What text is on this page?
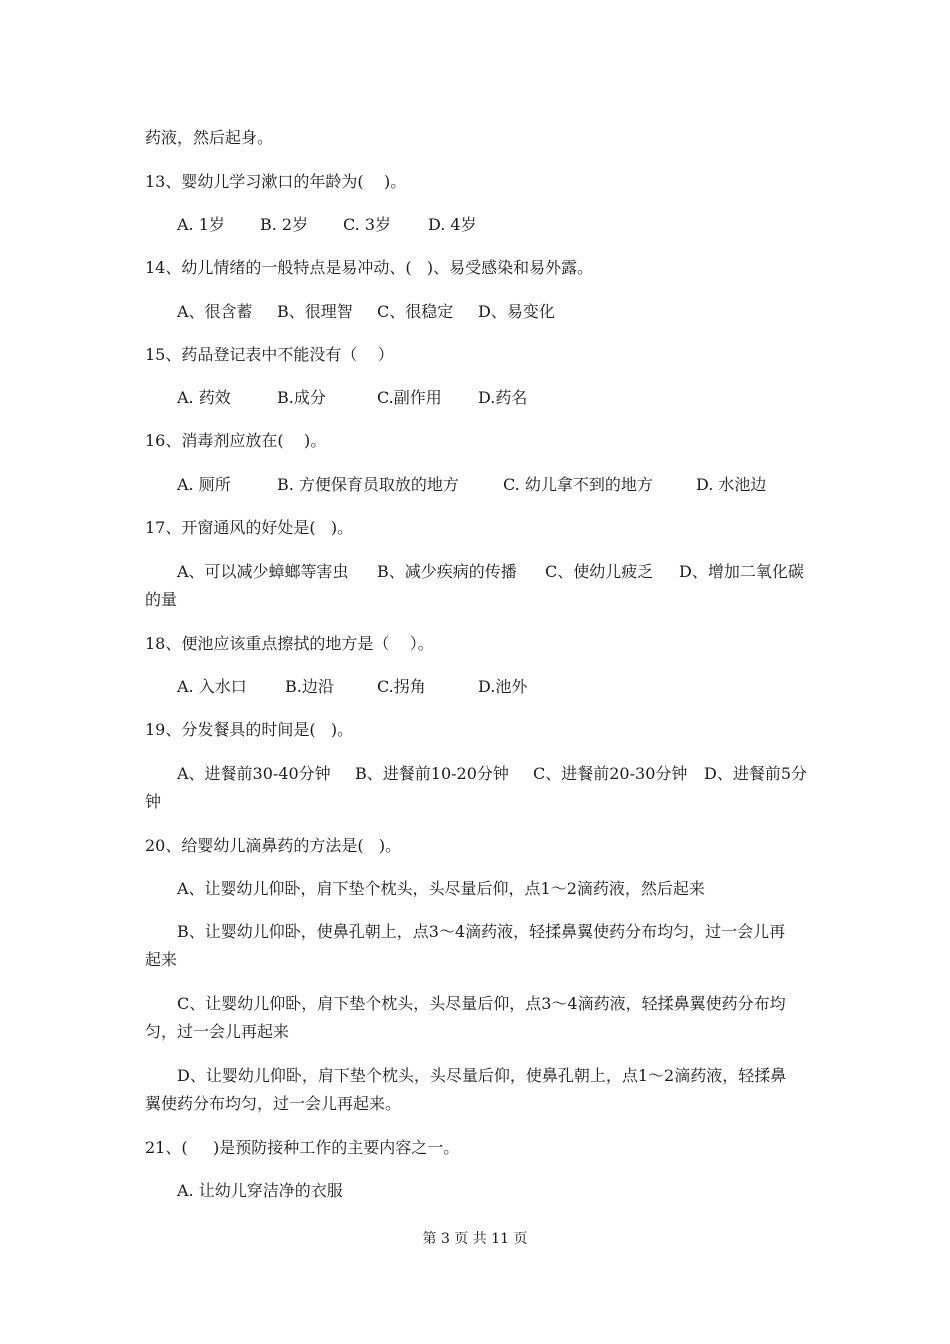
药液，然后起身。
13、婴幼儿学习漱口的年龄为(    )。
A. 1岁 B. 2岁 C. 3岁 D. 4岁
14、幼儿情绪的一般特点是易冲动、(   )、易受感染和易外露。
A、很含蓄 B、很理智 C、很稳定 D、易变化
15、药品登记表中不能没有（    ）
A. 药效	B.成分	C.副作用 D.药名
16、消毒剂应放在(    )。
A. 厕所	B. 方便保育员取放的地方	C. 幼儿拿不到的地方	D. 水池边
17、开窗通风的好处是(   )。
A、可以减少蟑螂等害虫 B、减少疾病的传播 C、使幼儿疲乏 D、增加二氧化碳
的量
18、便池应该重点擦拭的地方是（    ）。
A. 入水口 B.边沿	C.拐角	D.池外
19、分发餐具的时间是(   )。
A、进餐前30-40分钟 B、进餐前10-20分钟 C、进餐前20-30分钟 D、进餐前5分
钟
20、给婴幼儿滴鼻药的方法是(   )。
A、让婴幼儿仰卧，肩下垫个枕头，头尽量后仰，点1～2滴药液，然后起来
B、让婴幼儿仰卧，使鼻孔朝上，点3～4滴药液，轻揉鼻翼使药分布均匀，过一会儿再
起来
C、让婴幼儿仰卧，肩下垫个枕头，头尽量后仰，点3～4滴药液，轻揉鼻翼使药分布均
匀，过一会儿再起来
D、让婴幼儿仰卧，肩下垫个枕头，头尽量后仰，使鼻孔朝上，点1～2滴药液，轻揉鼻
翼使药分布均匀，过一会儿再起来。
21、(     )是预防接种工作的主要内容之一。
A. 让幼儿穿洁净的衣服
第 3 页 共 11 页
